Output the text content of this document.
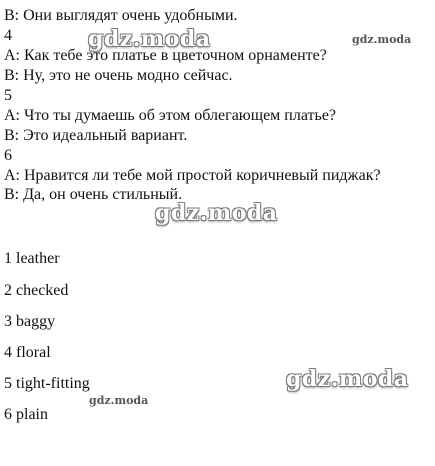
В: Они выглядят очень удобными.
4
А: Как тебе это платье в цветочном орнаменте?
В: Ну, это не очень модно сейчас.
5
А: Что ты думаешь об этом облегающем платье?
В: Это идеальный вариант.
6
А: Нравится ли тебе мой простой коричневый пиджак?
В: Да, он очень стильный.
1 leather
2 checked
3 baggy
4 floral
5 tight-fitting
6 plain
gdz.moda	gdz.moda
gdz.moda
gdz.moda
gdz.moda
